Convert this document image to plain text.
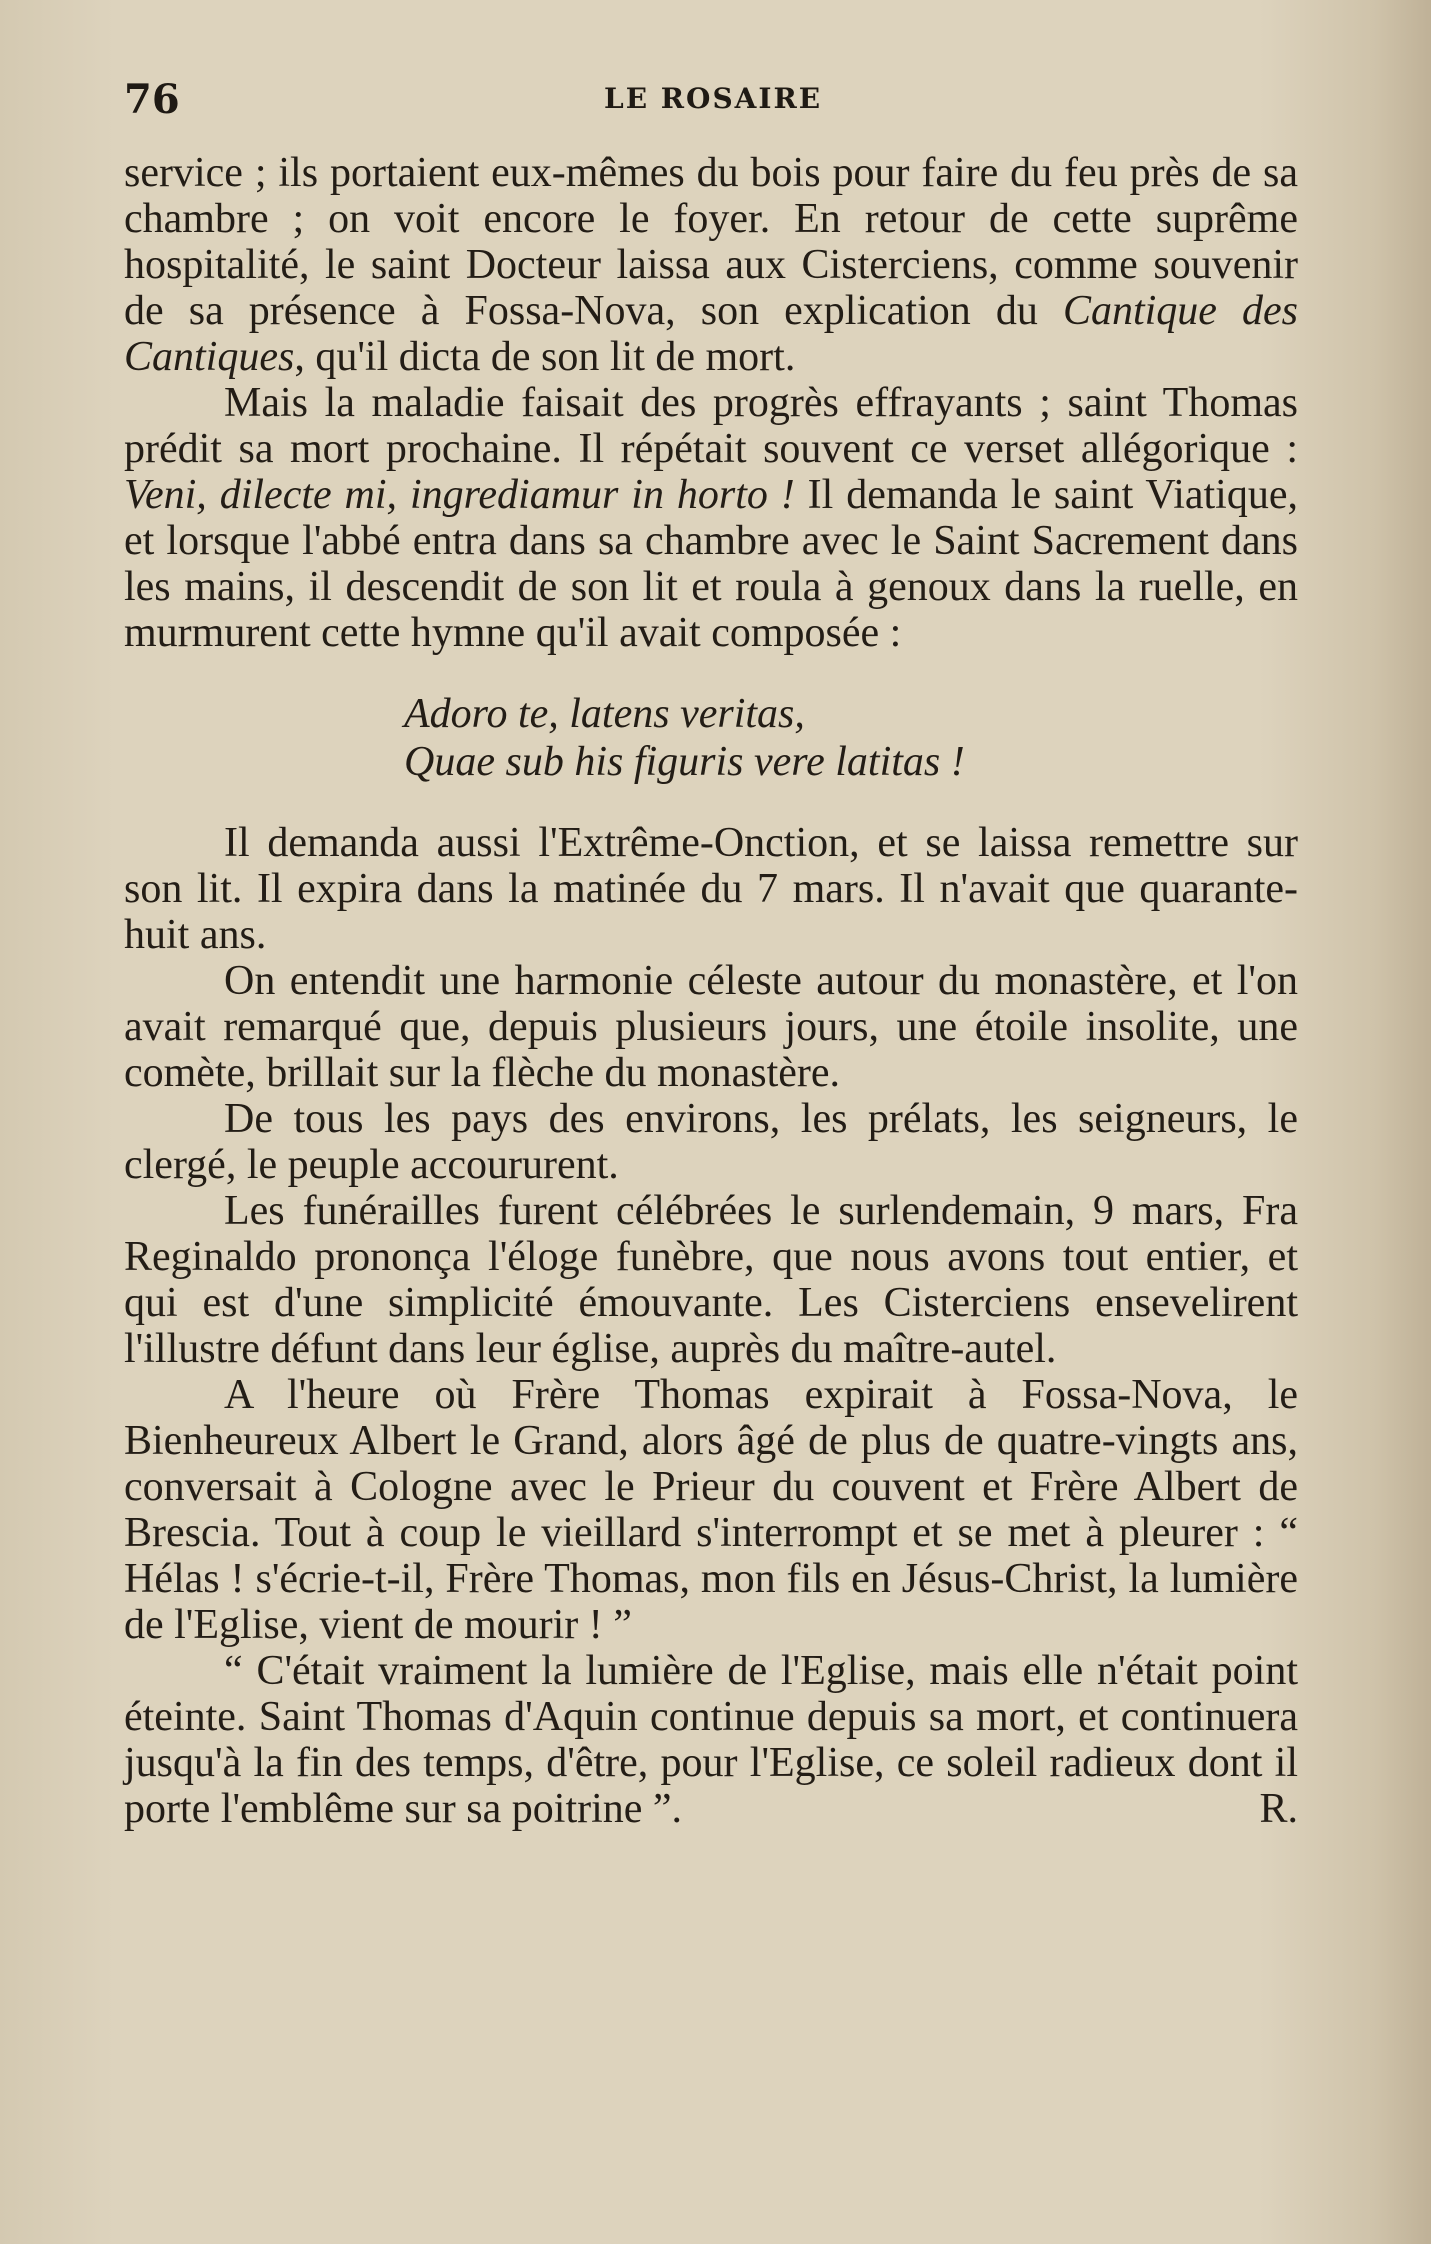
76	LE ROSAIRE

service ; ils portaient eux-mêmes du bois pour faire du feu près de sa chambre ; on voit encore le foyer. En retour de cette suprême hospitalité, le saint Docteur laissa aux Cisterciens, comme souvenir de sa présence à Fossa-Nova, son explication du Cantique des Cantiques, qu'il dicta de son lit de mort.

Mais la maladie faisait des progrès effrayants ; saint Thomas prédit sa mort prochaine. Il répétait souvent ce verset allégorique : Veni, dilecte mi, ingrediamur in horto ! Il demanda le saint Viatique, et lorsque l'abbé entra dans sa chambre avec le Saint Sacrement dans les mains, il descendit de son lit et roula à genoux dans la ruelle, en murmurent cette hymne qu'il avait composée :

Adoro te, latens veritas,
Quae sub his figuris vere latitas !

Il demanda aussi l'Extrême-Onction, et se laissa remettre sur son lit. Il expira dans la matinée du 7 mars. Il n'avait que quarante-huit ans.

On entendit une harmonie céleste autour du monastère, et l'on avait remarqué que, depuis plusieurs jours, une étoile insolite, une comète, brillait sur la flèche du monastère.

De tous les pays des environs, les prélats, les seigneurs, le clergé, le peuple accoururent.

Les funérailles furent célébrées le surlendemain, 9 mars, Fra Reginaldo prononça l'éloge funèbre, que nous avons tout entier, et qui est d'une simplicité émouvante. Les Cisterciens ensevelirent l'illustre défunt dans leur église, auprès du maître-autel.

A l'heure où Frère Thomas expirait à Fossa-Nova, le Bienheureux Albert le Grand, alors âgé de plus de quatre-vingts ans, conversait à Cologne avec le Prieur du couvent et Frère Albert de Brescia. Tout à coup le vieillard s'interrompt et se met à pleurer : “ Hélas ! s'écrie-t-il, Frère Thomas, mon fils en Jésus-Christ, la lumière de l'Eglise, vient de mourir ! ”

“ C'était vraiment la lumière de l'Eglise, mais elle n'était point éteinte. Saint Thomas d'Aquin continue depuis sa mort, et continuera jusqu'à la fin des temps, d'être, pour l'Eglise, ce soleil radieux dont il porte l'emblême sur sa poitrine ”.	R.
